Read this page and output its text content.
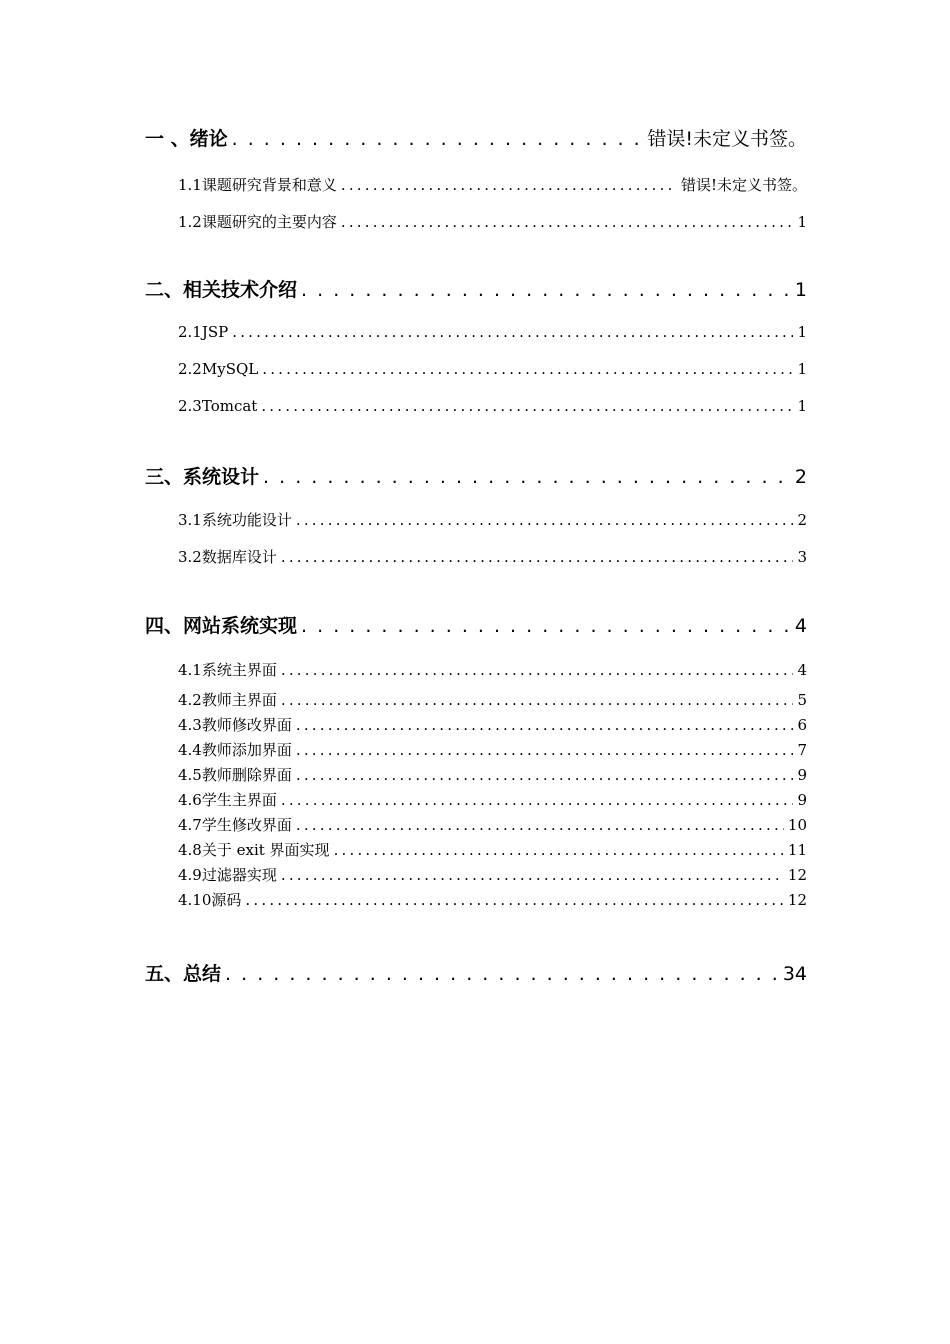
一 、 绪论 . . .	错误!未定义书签。
1.1 课题研究背景和意义 .....	错误!未定义书签。
1.2 课题研究的主要内容 .....	1
二、 相关技术介绍 . . .	1
2.1 JSP .....	1
2.2 MySQL .....	1
2.3 Tomcat .....	1
三、 系统设计 . . .	2
3.1 系统功能设计 .....	2
3.2 数据库设计 .....	3
四、 网站系统实现 . . .	4
4.1 系统主界面 .....	4
4.2 教师主界面 .....	5
4.3 教师修改界面 .....	6
4.4 教师添加界面 .....	7
4.5 教师删除界面 .....	9
4.6 学生主界面 .....	9
4.7 学生修改界面 .....	10
4.8 关于 exit 界面实现 .....	11
4.9 过滤器实现 .....	12
4.10 源码 .....	12
五、 总结 . . .	34
